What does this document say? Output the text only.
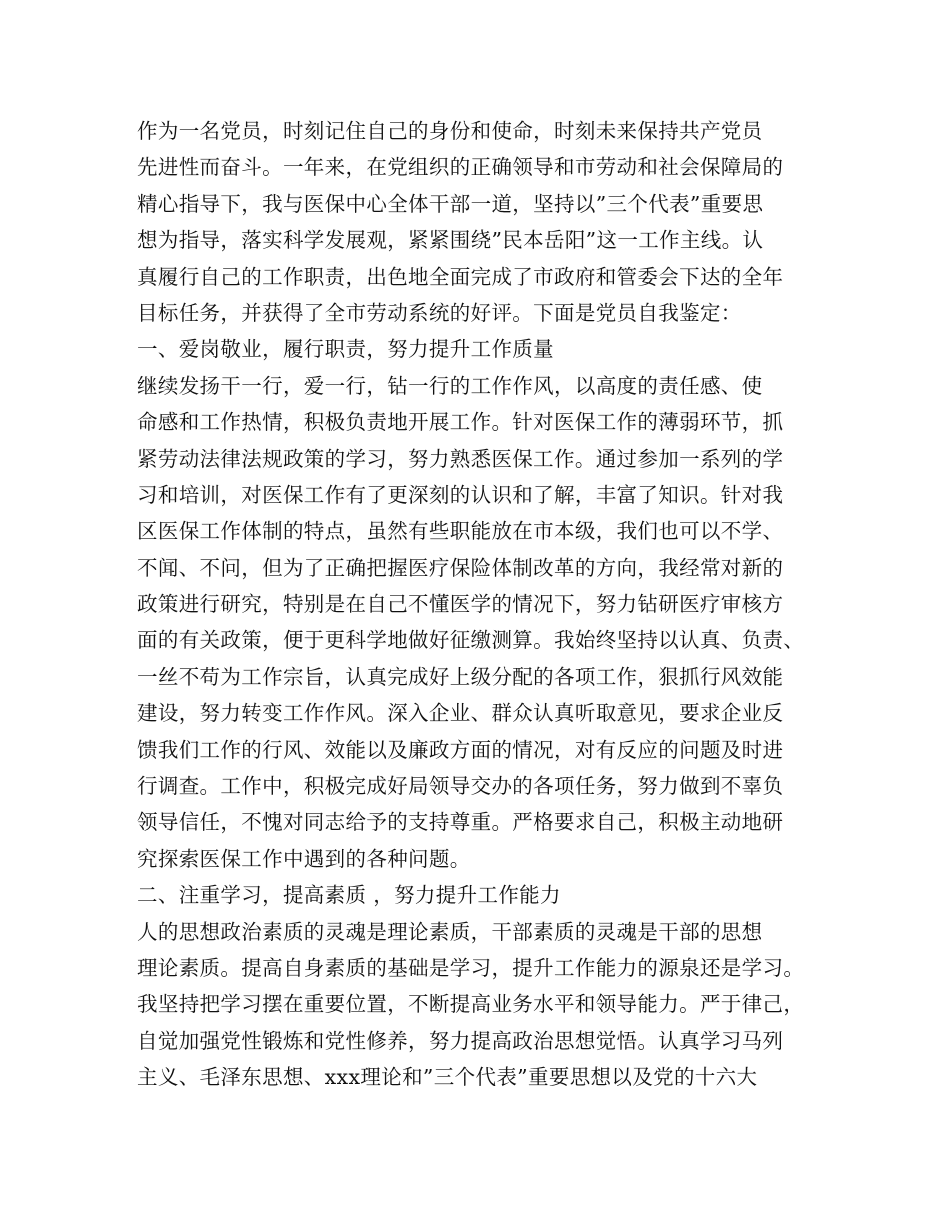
作为一名党员，时刻记住自己的身份和使命，时刻未来保持共产党员
先进性而奋斗。一年来，在党组织的正确领导和市劳动和社会保障局的
精心指导下，我与医保中心全体干部一道，坚持以”三个代表”重要思
想为指导，落实科学发展观，紧紧围绕”民本岳阳”这一工作主线。认
真履行自己的工作职责，出色地全面完成了市政府和管委会下达的全年
目标任务，并获得了全市劳动系统的好评。下面是党员自我鉴定：
一、爱岗敬业，履行职责，努力提升工作质量
继续发扬干一行，爱一行，钻一行的工作作风，以高度的责任感、使
命感和工作热情，积极负责地开展工作。针对医保工作的薄弱环节，抓
紧劳动法律法规政策的学习，努力熟悉医保工作。通过参加一系列的学
习和培训，对医保工作有了更深刻的认识和了解，丰富了知识。针对我
区医保工作体制的特点，虽然有些职能放在市本级，我们也可以不学、
不闻、不问，但为了正确把握医疗保险体制改革的方向，我经常对新的
政策进行研究，特别是在自己不懂医学的情况下，努力钻研医疗审核方
面的有关政策，便于更科学地做好征缴测算。我始终坚持以认真、负责、
一丝不苟为工作宗旨，认真完成好上级分配的各项工作，狠抓行风效能
建设，努力转变工作作风。深入企业、群众认真听取意见，要求企业反
馈我们工作的行风、效能以及廉政方面的情况，对有反应的问题及时进
行调查。工作中，积极完成好局领导交办的各项任务，努力做到不辜负
领导信任，不愧对同志给予的支持尊重。严格要求自己，积极主动地研
究探索医保工作中遇到的各种问题。
二、注重学习，提高素质 ，努力提升工作能力
人的思想政治素质的灵魂是理论素质，干部素质的灵魂是干部的思想
理论素质。提高自身素质的基础是学习，提升工作能力的源泉还是学习。
我坚持把学习摆在重要位置，不断提高业务水平和领导能力。严于律己，
自觉加强党性锻炼和党性修养，努力提高政治思想觉悟。认真学习马列
主义、毛泽东思想、xxx理论和”三个代表”重要思想以及党的十六大
